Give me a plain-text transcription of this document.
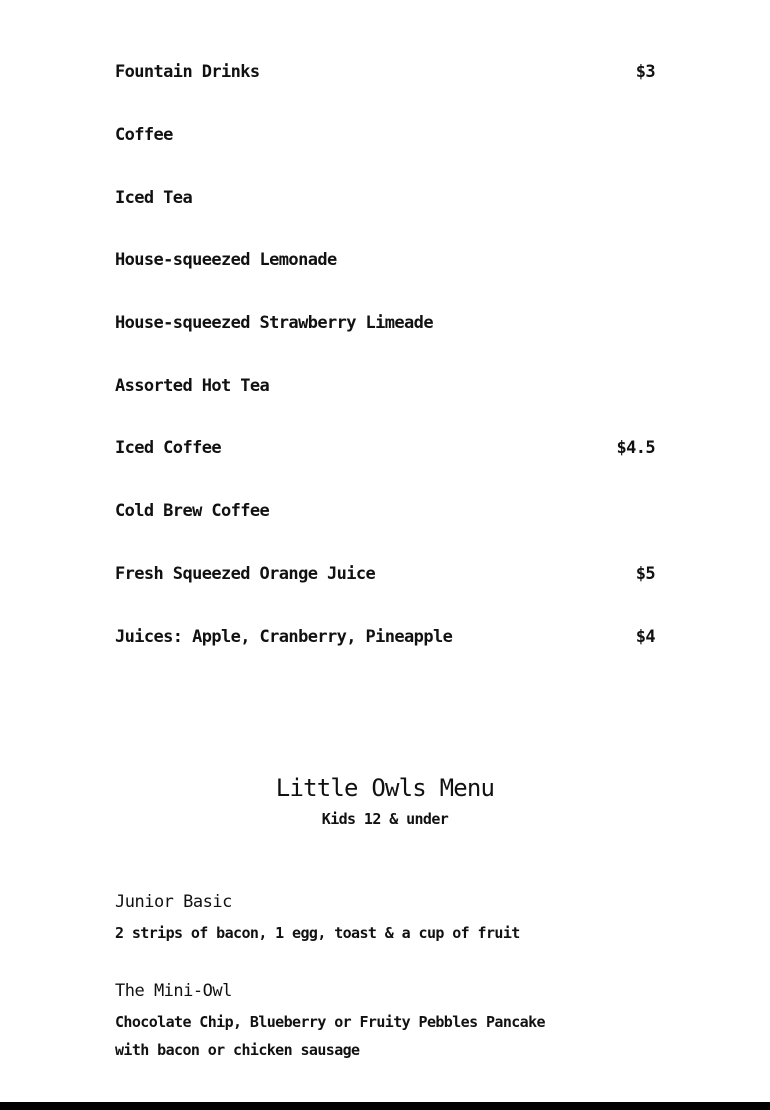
Fountain Drinks	$3
Coffee
Iced Tea
House-squeezed Lemonade
House-squeezed Strawberry Limeade
Assorted Hot Tea
Iced Coffee	$4.5
Cold Brew Coffee
Fresh Squeezed Orange Juice	$5
Juices: Apple, Cranberry, Pineapple	$4
Little Owls Menu
Kids 12 & under
Junior Basic
2 strips of bacon, 1 egg, toast & a cup of fruit
The Mini-Owl
Chocolate Chip, Blueberry or Fruity Pebbles Pancake with bacon or chicken sausage
